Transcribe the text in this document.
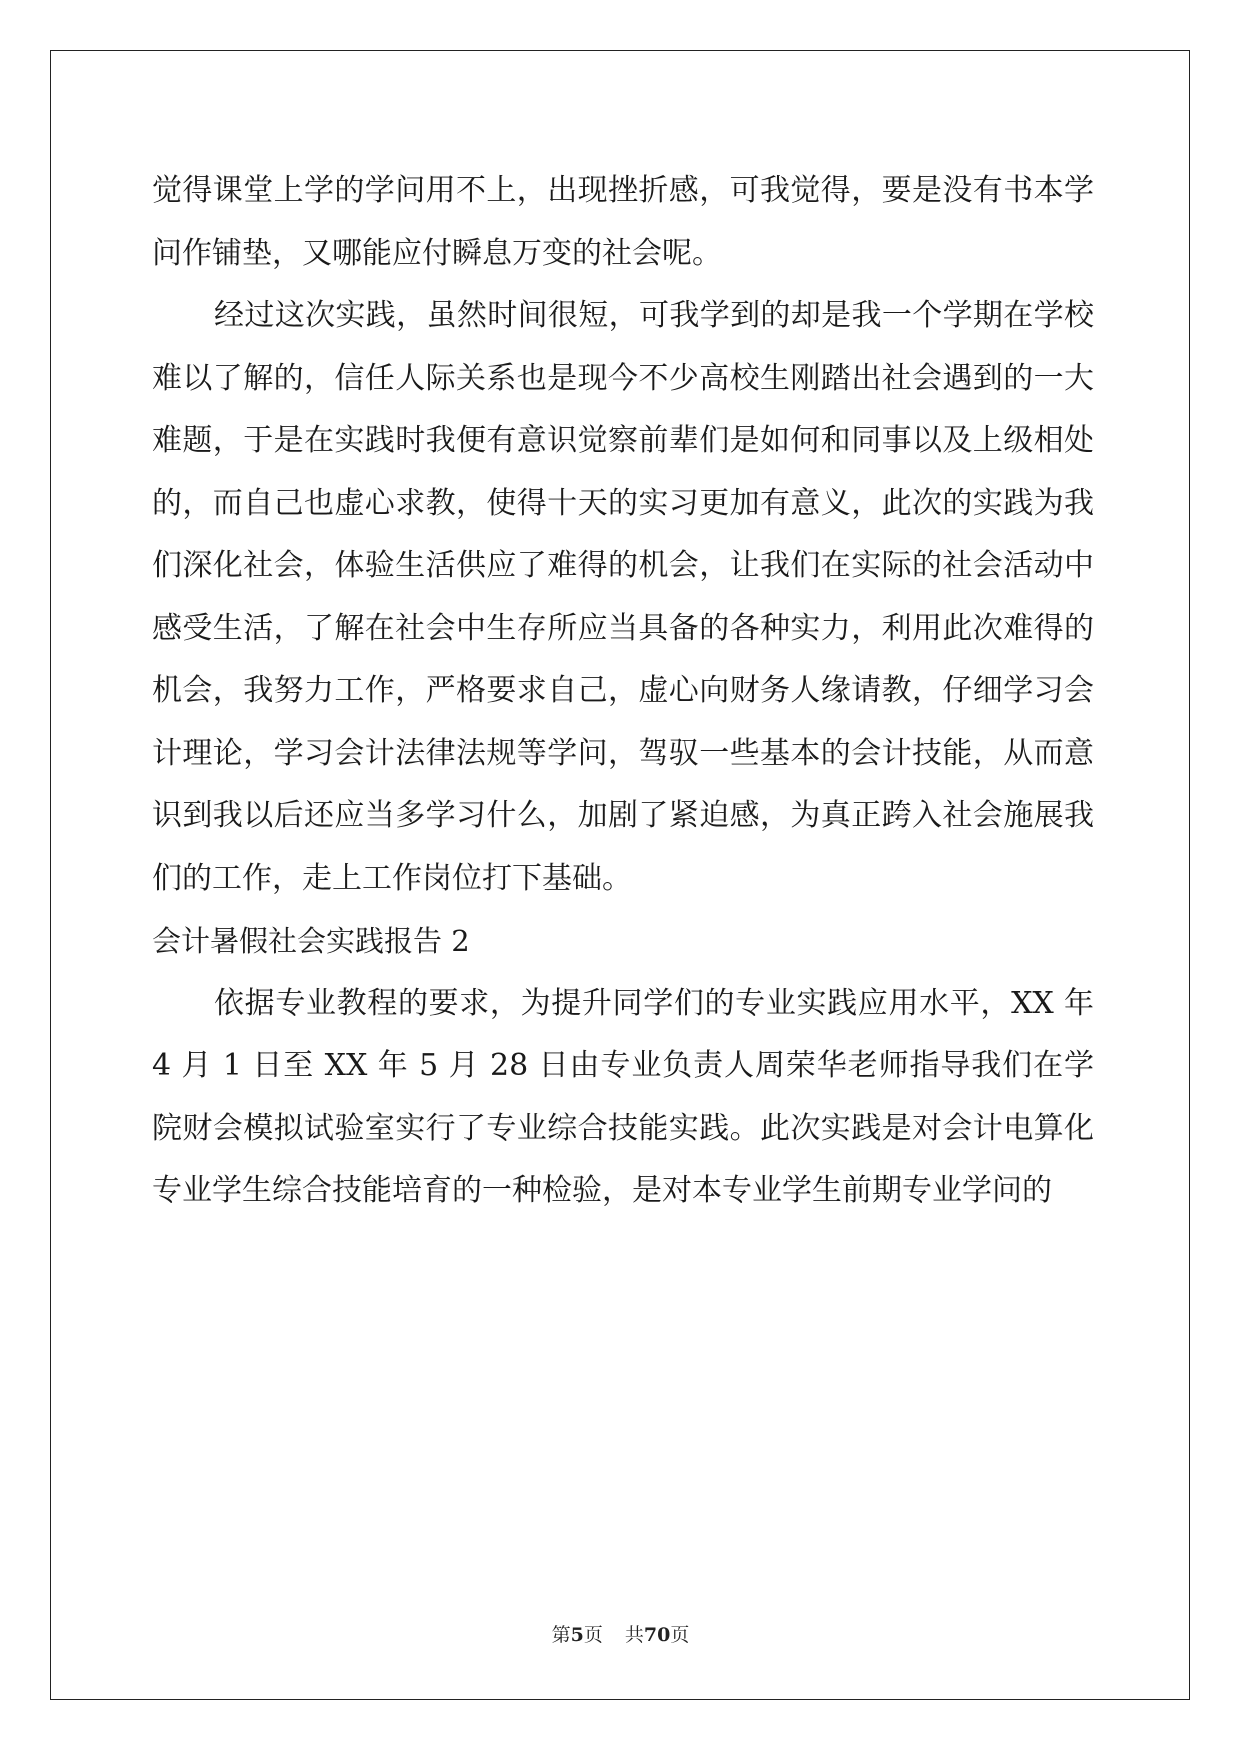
觉得课堂上学的学问用不上，出现挫折感，可我觉得，要是没有书本学问作铺垫，又哪能应付瞬息万变的社会呢。

经过这次实践，虽然时间很短，可我学到的却是我一个学期在学校难以了解的，信任人际关系也是现今不少高校生刚踏出社会遇到的一大难题，于是在实践时我便有意识觉察前辈们是如何和同事以及上级相处的，而自己也虚心求教，使得十天的实习更加有意义，此次的实践为我们深化社会，体验生活供应了难得的机会，让我们在实际的社会活动中感受生活，了解在社会中生存所应当具备的各种实力，利用此次难得的机会，我努力工作，严格要求自己，虚心向财务人缘请教，仔细学习会计理论，学习会计法律法规等学问，驾驭一些基本的会计技能，从而意识到我以后还应当多学习什么，加剧了紧迫感，为真正跨入社会施展我们的工作，走上工作岗位打下基础。

会计暑假社会实践报告 2

依据专业教程的要求，为提升同学们的专业实践应用水平，XX 年 4 月 1 日至 XX 年 5 月 28 日由专业负责人周荣华老师指导我们在学院财会模拟试验室实行了专业综合技能实践。此次实践是对会计电算化专业学生综合技能培育的一种检验，是对本专业学生前期专业学问的

第5页 共70页
